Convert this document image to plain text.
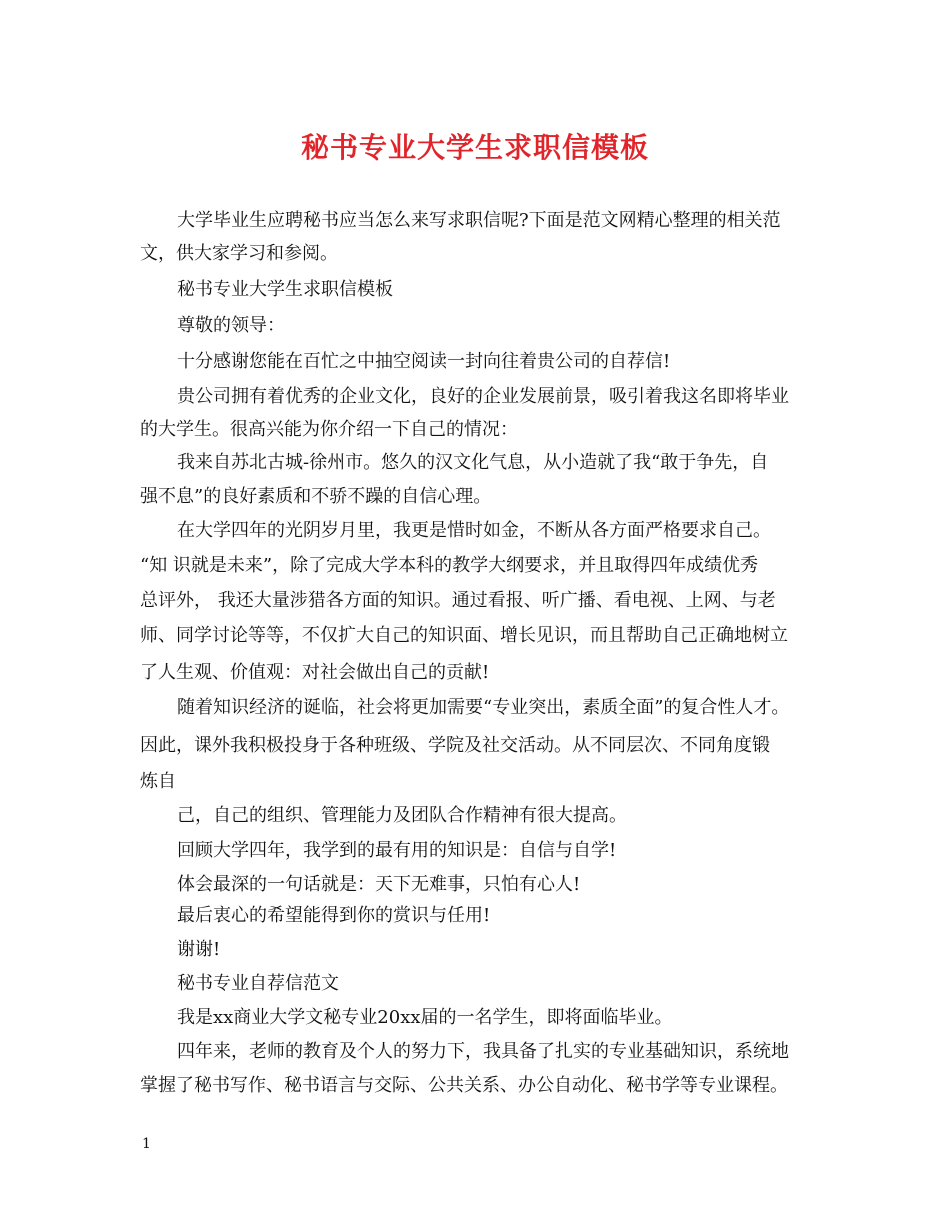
秘书专业大学生求职信模板
大学毕业生应聘秘书应当怎么来写求职信呢?下面是范文网精心整理的相关范
文，供大家学习和参阅。
秘书专业大学生求职信模板
尊敬的领导：
十分感谢您能在百忙之中抽空阅读一封向往着贵公司的自荐信!
贵公司拥有着优秀的企业文化，良好的企业发展前景，吸引着我这名即将毕业
的大学生。很高兴能为你介绍一下自己的情况：
我来自苏北古城-徐州市。悠久的汉文化气息，从小造就了我“敢于争先，自
强不息”的良好素质和不骄不躁的自信心理。
在大学四年的光阴岁月里，我更是惜时如金，不断从各方面严格要求自己。
“知 识就是未来”，除了完成大学本科的教学大纲要求，并且取得四年成绩优秀
总评外， 我还大量涉猎各方面的知识。通过看报、听广播、看电视、上网、与老
师、同学讨论等等，不仅扩大自己的知识面、增长见识，而且帮助自己正确地树立
了人生观、价值观：对社会做出自己的贡献!
随着知识经济的诞临，社会将更加需要“专业突出，素质全面”的复合性人才。
因此，课外我积极投身于各种班级、学院及社交活动。从不同层次、不同角度锻
炼自
己，自己的组织、管理能力及团队合作精神有很大提高。
回顾大学四年，我学到的最有用的知识是：自信与自学!
体会最深的一句话就是：天下无难事，只怕有心人!
最后衷心的希望能得到你的赏识与任用!
谢谢!
秘书专业自荐信范文
我是xx商业大学文秘专业20xx届的一名学生，即将面临毕业。
四年来，老师的教育及个人的努力下，我具备了扎实的专业基础知识，系统地
掌握了秘书写作、秘书语言与交际、公共关系、办公自动化、秘书学等专业课程。
1
